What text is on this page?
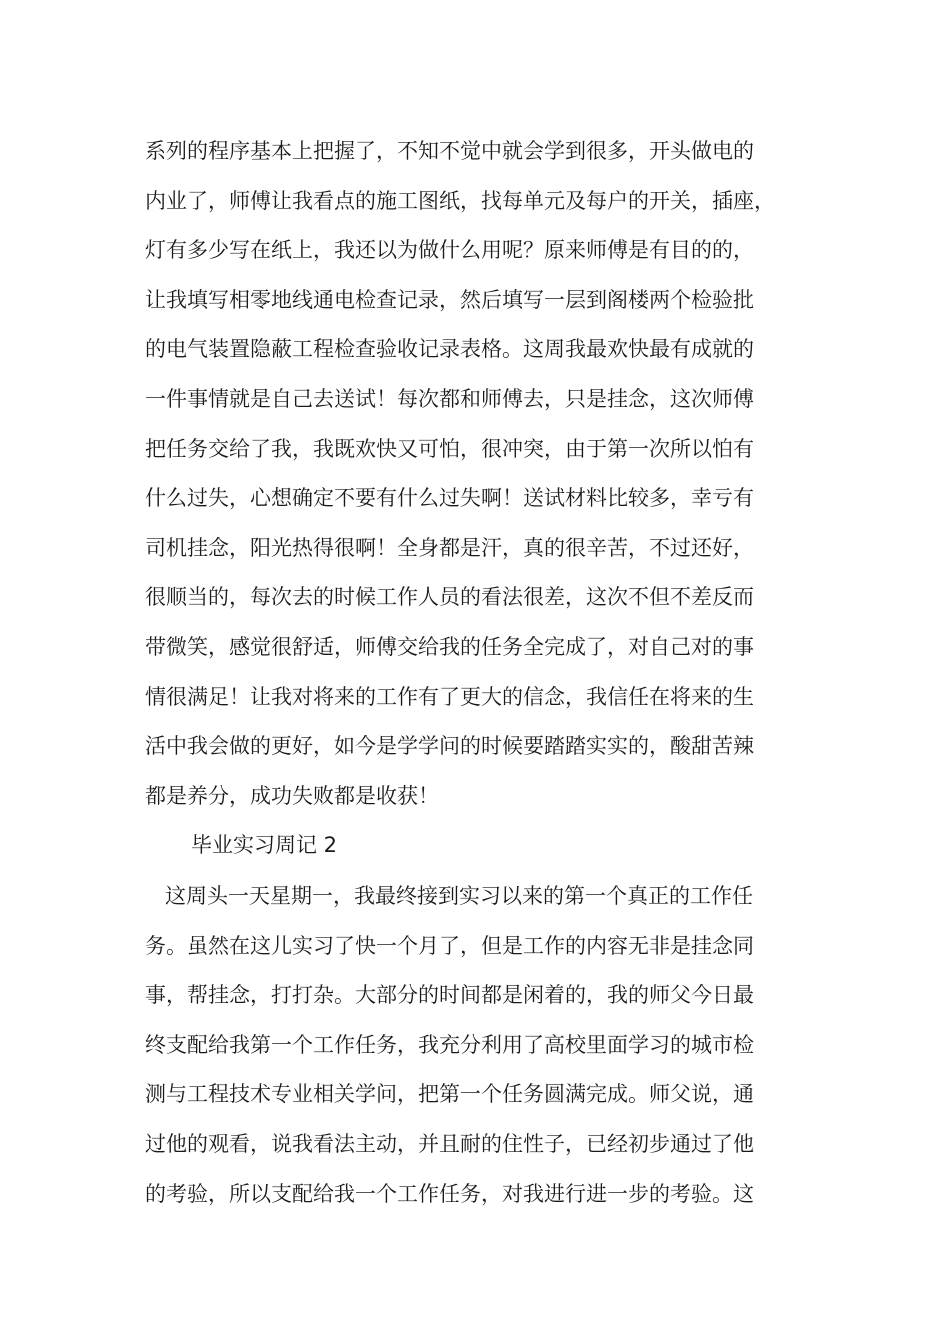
系列的程序基本上把握了，不知不觉中就会学到很多，开头做电的
内业了，师傅让我看点的施工图纸，找每单元及每户的开关，插座，
灯有多少写在纸上，我还以为做什么用呢？原来师傅是有目的的，
让我填写相零地线通电检查记录，然后填写一层到阁楼两个检验批
的电气装置隐蔽工程检查验收记录表格。这周我最欢快最有成就的
一件事情就是自己去送试！每次都和师傅去，只是挂念，这次师傅
把任务交给了我，我既欢快又可怕，很冲突，由于第一次所以怕有
什么过失，心想确定不要有什么过失啊！送试材料比较多，幸亏有
司机挂念，阳光热得很啊！全身都是汗，真的很辛苦，不过还好，
很顺当的，每次去的时候工作人员的看法很差，这次不但不差反而
带微笑，感觉很舒适，师傅交给我的任务全完成了，对自己对的事
情很满足！让我对将来的工作有了更大的信念，我信任在将来的生
活中我会做的更好，如今是学学问的时候要踏踏实实的，酸甜苦辣
都是养分，成功失败都是收获！
毕业实习周记 2
这周头一天星期一，我最终接到实习以来的第一个真正的工作任
务。虽然在这儿实习了快一个月了，但是工作的内容无非是挂念同
事，帮挂念，打打杂。大部分的时间都是闲着的，我的师父今日最
终支配给我第一个工作任务，我充分利用了高校里面学习的城市检
测与工程技术专业相关学问，把第一个任务圆满完成。师父说，通
过他的观看，说我看法主动，并且耐的住性子，已经初步通过了他
的考验，所以支配给我一个工作任务，对我进行进一步的考验。这
